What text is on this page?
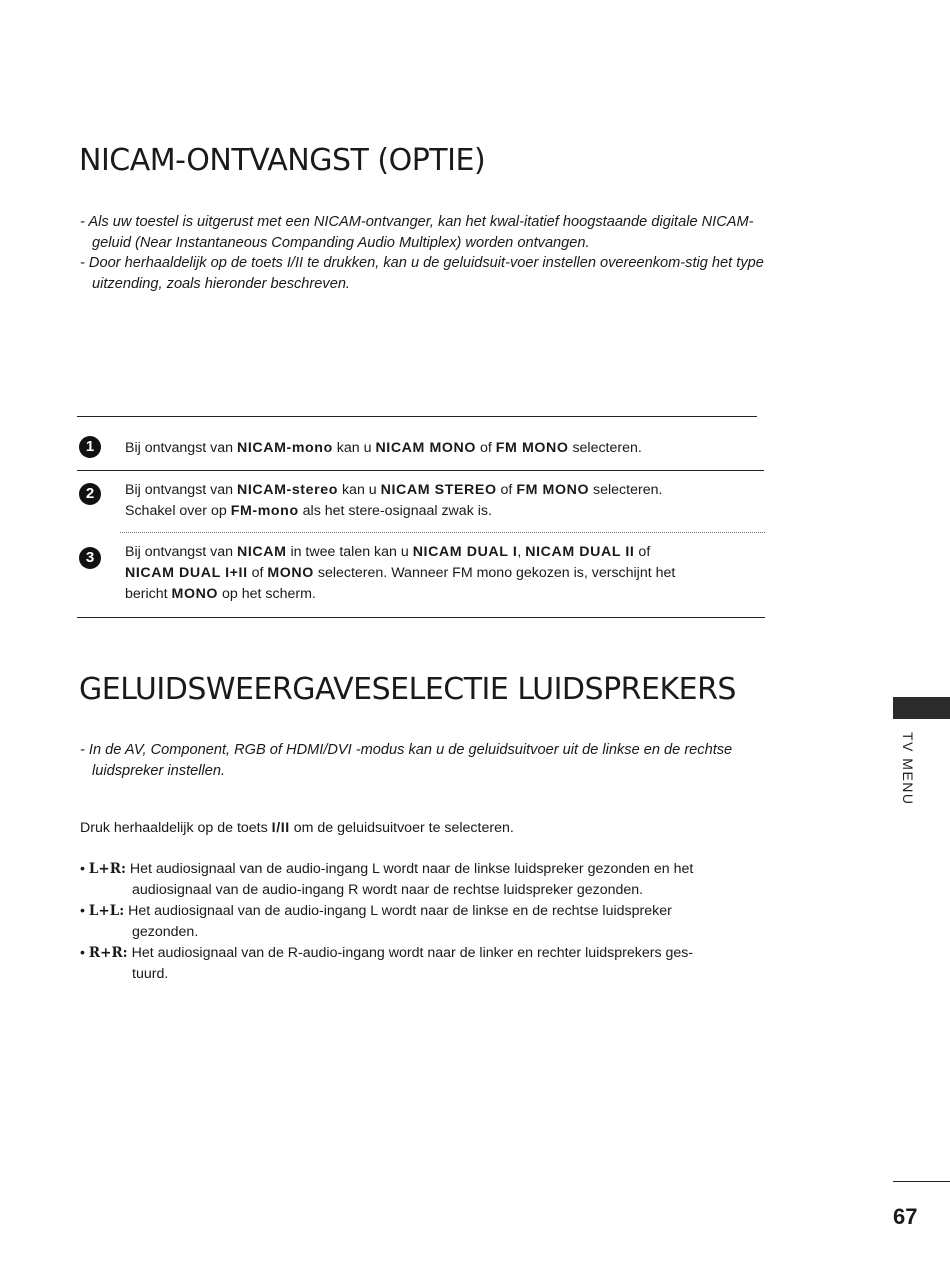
NICAM-ONTVANGST (OPTIE)

- Als uw toestel is uitgerust met een NICAM-ontvanger, kan het kwal-itatief hoogstaande digitale NICAM-geluid (Near Instantaneous Companding Audio Multiplex) worden ontvangen.

- Door herhaaldelijk op de toets I/II te drukken, kan u de geluidsuit-voer instellen overeenkom-stig het type uitzending, zoals hieronder beschreven.

1	Bij ontvangst van NICAM-mono kan u NICAM MONO of FM MONO selecteren.
2	Bij ontvangst van NICAM-stereo kan u NICAM STEREO of FM MONO selecteren.
Schakel over op FM-mono als het stere-osignaal zwak is.
3	Bij ontvangst van NICAM in twee talen kan u NICAM DUAL I, NICAM DUAL II of
NICAM DUAL I+II of MONO selecteren. Wanneer FM mono gekozen is, verschijnt het
bericht MONO op het scherm.
GELUIDSWEERGAVESELECTIE LUIDSPREKERS

- In de AV, Component, RGB of HDMI/DVI -modus kan u de geluidsuitvoer uit de linkse en de rechtse luidspreker instellen.

Druk herhaaldelijk op de toets I/II om de geluidsuitvoer te selecteren.
• L+R: Het audiosignaal van de audio-ingang L wordt naar de linkse luidspreker gezonden en het
audiosignaal van de audio-ingang R wordt naar de rechtse luidspreker gezonden.
• L+L: Het audiosignaal van de audio-ingang L wordt naar de linkse en de rechtse luidspreker
gezonden.
• R+R: Het audiosignaal van de R-audio-ingang wordt naar de linker en rechter luidsprekers ges-
tuurd.
TV MENU
67
